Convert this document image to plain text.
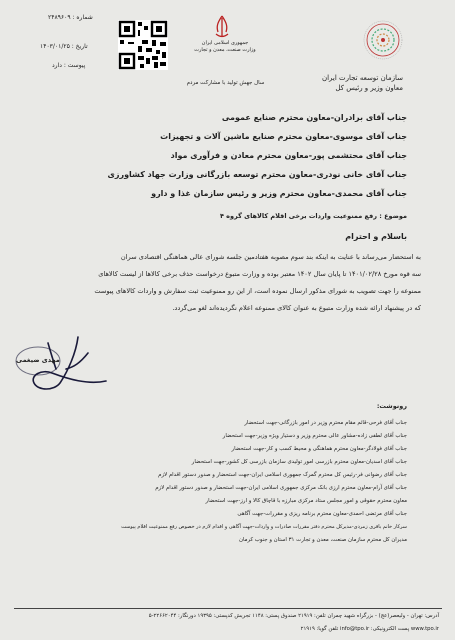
سازمان توسعه تجارت ایران
معاون وزیر و رئیس کل
جمهوری اسلامی ایران
وزارت صنعت، معدن و تجارت
سال جهش تولید با مشارکت مردم
شماره : ۲۴۸۹۶۰۹
تاریخ : ۱۴۰۳/۰۱/۲۵
پیوست : دارد
جناب آقای برادران-معاون محترم صنایع عمومی
جناب آقای موسوی-معاون محترم صنایع ماشین آلات و تجهیزات
جناب آقای محتشمی پور-معاون محترم معادن و فرآوری مواد
جناب آقای خانی نودری-معاون محترم توسعه بازرگانی وزارت جهاد کشاورزی
جناب آقای محمدی-معاون محترم وزیر و رئیس سازمان غذا و دارو
موضوع : رفع ممنوعیت واردات برخی اقلام کالاهای گروه ۴
باسلام و احترام
به استحضار می‌رساند با عنایت به اینکه بند سوم مصوبه هفتادمین جلسه شورای عالی هماهنگی اقتصادی سران
سه قوه مورخ ۱۴۰۱/۰۲/۲۸ تا پایان سال ۱۴۰۲ معتبر بوده و وزارت متبوع درخواست حذف برخی کالاها از لیست کالاهای
ممنوعه را جهت تصویب به شورای مذکور ارسال نموده است، از این رو ممنوعیت ثبت سفارش و واردات کالاهای پیوست
که در پیشنهاد ارائه شده وزارت متبوع به عنوان کالای ممنوعه اعلام نگردیده‌اند لغو می‌گردد.
مهدی ضیغمی
رونوشت:
جناب آقای فرحی-قائم مقام محترم وزیر در امور بازرگانی-جهت استحضار
جناب آقای لطفی زاده-مشاور عالی محترم وزیر و دستیار ویژه وزیر-جهت استحضار
جناب آقای فولادگر-معاون محترم هماهنگی و محیط کسب و کار-جهت استحضار
جناب آقای اسدیان-معاون محترم بازرسی امور تولیدی سازمان بازرسی کل کشور-جهت استحضار
جناب آقای رضوانی فر-رئیس کل محترم گمرک جمهوری اسلامی ایران-جهت استحضار و صدور دستور اقدام لازم
جناب آقای آرام-معاون محترم ارزی بانک مرکزی جمهوری اسلامی ایران-جهت استحضار و صدور دستور اقدام لازم
معاون محترم حقوقی و امور مجلس ستاد مرکزی مبارزه با قاچاق کالا و ارز-جهت استحضار
جناب آقای مرتضی احمدی-معاون محترم برنامه ریزی و مقررات-جهت آگاهی
سرکار خانم باقری زمردی-مدیرکل محترم دفتر مقررات صادرات و واردات-جهت آگاهی و اقدام لازم در خصوص رفع ممنوعیت اقلام پیوست
مدیران کل محترم سازمان صنعت، معدن و تجارت ۳۱ استان و جنوب کرمان
آدرس: تهران - ولیعصر(عج) - بزرگراه شهید چمران تلفن: ۲۱۹۱۹ صندوق پستی: ۱۱۴۸ تجریش کدپستی: ۱۹۳۹۵ دورنگار: ۲۲۶۶۲۰۴۴-۵
www.tpo.ir پست الکترونیکی: info@tpo.ir تلفن گویا: ۲۱۹۱۹
